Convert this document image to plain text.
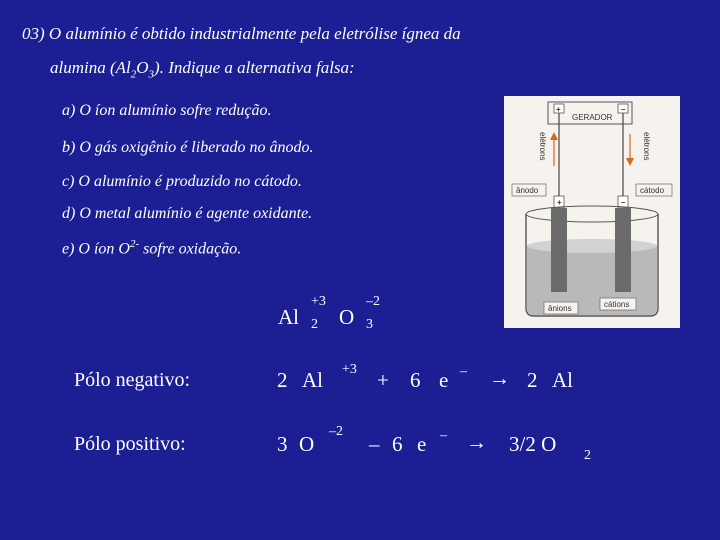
03) O alumínio é obtido industrialmente pela eletrólise ígnea da
alumina $(Al_2O_3)$. Indique a alternativa falsa:
a) O íon alumínio sofre redução.
b) O gás oxigênio é liberado no ânodo.
c) O alumínio é produzido no cátodo.
d) O metal alumínio é agente oxidante.
e) O íon $O^{2-}$ sofre oxidação.
Al
+3
2 O
–2
3
Pólo negativo:	2 Al +3 + 6 e – → 2 Al
Pólo positivo:	3 O
–2
– 6 e – → 3/2 O 2
+	–
GERADOR
elétrons	elétrons
ânodo	cátodo
+	–
ânions	cátions
